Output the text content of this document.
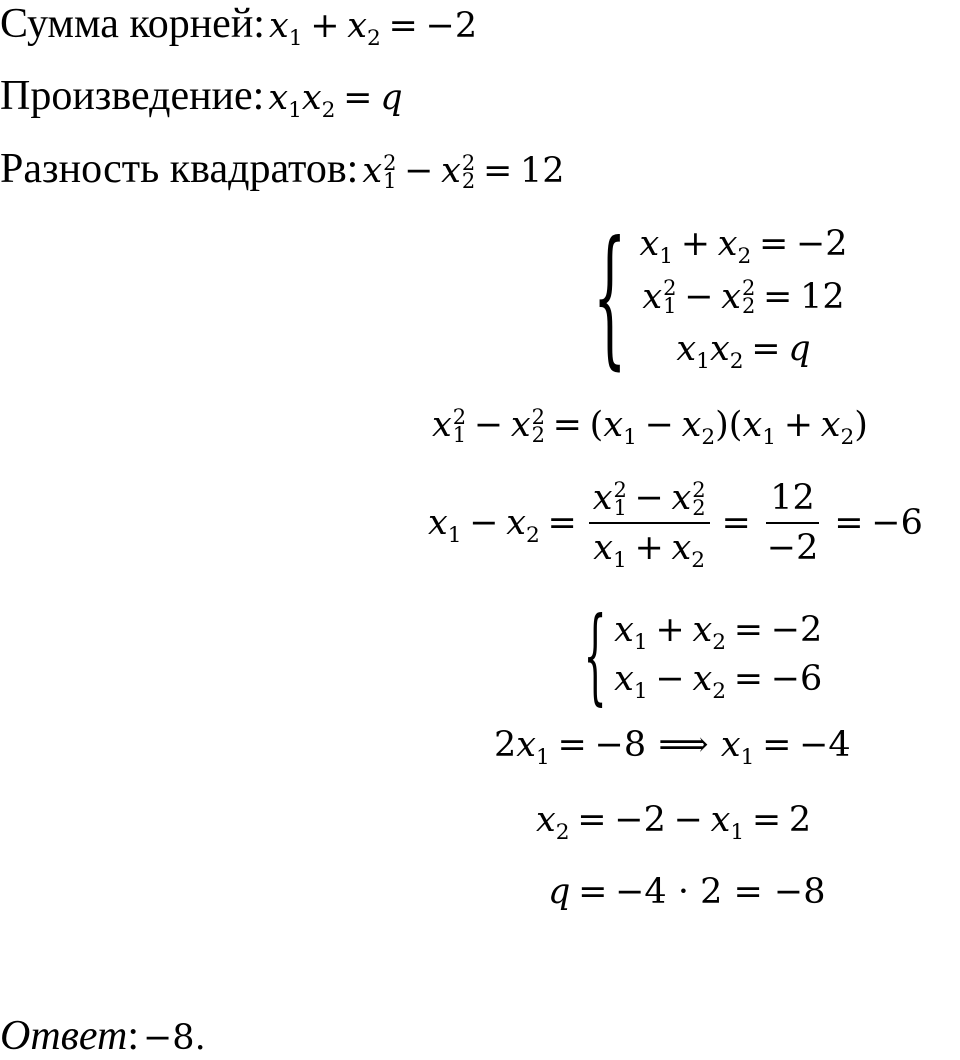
Сумма корней: $x_1 + x_2 = -2$
Произведение: $x_1x_2 = q$
Разность квадратов: x 2
1 − x 2
2 = 12
{ $x_1 + x_2 = -2$
x 2
1 − x 2
2 = 12
$x_1x_2 = q$
x 2
1 − x 2
$2 = (x_1 - x_2)(x_1 + x_2)$
$x_1 - x_2 = x$ 2
1 − x 2
2
$x_1 + x_2 = \frac{12}{-2} = -6$
{ $x_1 + x_2 = -2$
$x_1 - x_2 = -6$
$2x_1 = -8$ ⟹ $x_1 = -4$
$x_2 = -2 - x_1 = 2$
q = −4 · 2 = −8
Ответ: −8.
